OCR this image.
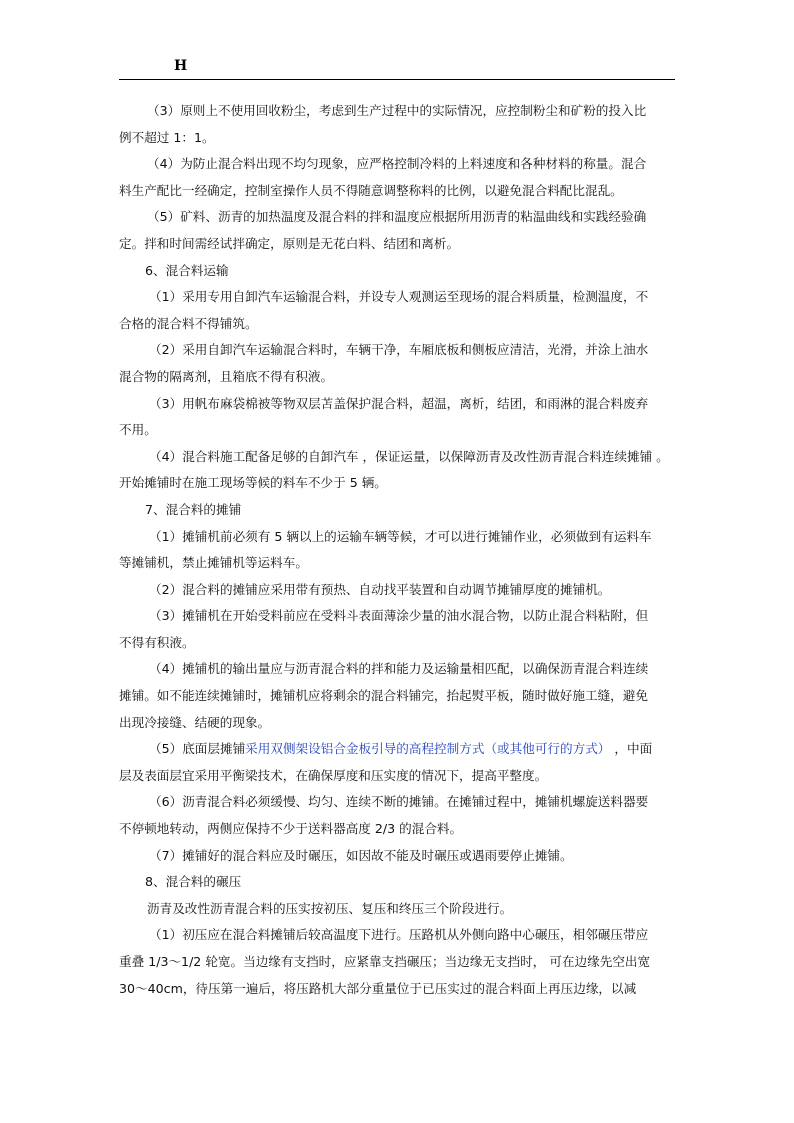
H
（3）原则上不使用回收粉尘，考虑到生产过程中的实际情况，应控制粉尘和矿粉的投入比
例不超过 1：1。
（4）为防止混合料出现不均匀现象，应严格控制冷料的上料速度和各种材料的称量。混合
料生产配比一经确定，控制室操作人员不得随意调整称料的比例，以避免混合料配比混乱。
（5）矿料、沥青的加热温度及混合料的拌和温度应根据所用沥青的粘温曲线和实践经验确
定。拌和时间需经试拌确定，原则是无花白料、结团和离析。
6、混合料运输
（1）采用专用自卸汽车运输混合料，并设专人观测运至现场的混合料质量，检测温度，不
合格的混合料不得铺筑。
（2）采用自卸汽车运输混合料时，车辆干净，车厢底板和侧板应清洁，光滑，并涂上油水
混合物的隔离剂，且箱底不得有积液。
（3）用帆布麻袋棉被等物双层苫盖保护混合料，超温，离析，结团，和雨淋的混合料废弃
不用。
（4）混合料施工配备足够的自卸汽车 ，保证运量，以保障沥青及改性沥青混合料连续摊铺 。
开始摊铺时在施工现场等候的料车不少于 5 辆。
7、混合料的摊铺
（1）摊铺机前必须有 5 辆以上的运输车辆等候，才可以进行摊铺作业，必须做到有运料车
等摊铺机，禁止摊铺机等运料车。
（2）混合料的摊铺应采用带有预热、自动找平装置和自动调节摊铺厚度的摊铺机。
（3）摊铺机在开始受料前应在受料斗表面薄涂少量的油水混合物，以防止混合料粘附，但
不得有积液。
（4）摊铺机的输出量应与沥青混合料的拌和能力及运输量相匹配，以确保沥青混合料连续
摊铺。如不能连续摊铺时，摊铺机应将剩余的混合料铺完，抬起熨平板，随时做好施工缝，避免
出现冷接缝、结硬的现象。
（5）底面层摊铺采用双侧架设铝合金板引导的高程控制方式（或其他可行的方式） ，中面
层及表面层宜采用平衡梁技术，在确保厚度和压实度的情况下，提高平整度。
（6）沥青混合料必须缓慢、均匀、连续不断的摊铺。在摊铺过程中，摊铺机螺旋送料器要
不停顿地转动，两侧应保持不少于送料器高度 2/3 的混合料。
（7）摊铺好的混合料应及时碾压，如因故不能及时碾压或遇雨要停止摊铺。
8、混合料的碾压
沥青及改性沥青混合料的压实按初压、复压和终压三个阶段进行。
（1）初压应在混合料摊铺后较高温度下进行。压路机从外侧向路中心碾压，相邻碾压带应
重叠 1/3～1/2 轮宽。当边缘有支挡时，应紧靠支挡碾压；当边缘无支挡时， 可在边缘先空出宽
30～40cm，待压第一遍后，将压路机大部分重量位于已压实过的混合料面上再压边缘，以减
